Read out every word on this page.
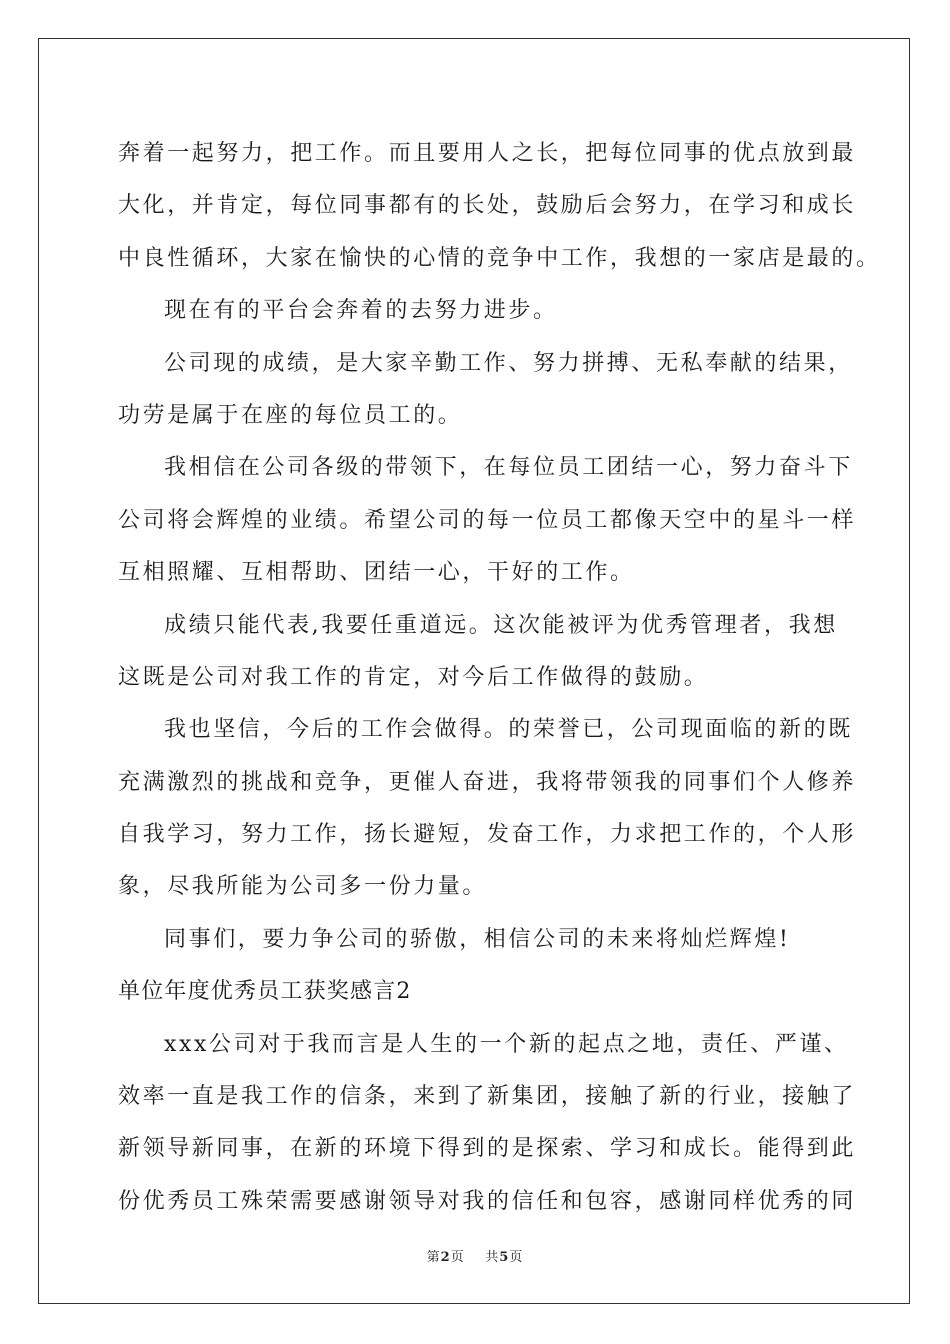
奔着一起努力，把工作。而且要用人之长，把每位同事的优点放到最
大化，并肯定，每位同事都有的长处，鼓励后会努力，在学习和成长
中良性循环，大家在愉快的心情的竞争中工作，我想的一家店是最的。
现在有的平台会奔着的去努力进步。
公司现的成绩，是大家辛勤工作、努力拼搏、无私奉献的结果，
功劳是属于在座的每位员工的。
我相信在公司各级的带领下，在每位员工团结一心，努力奋斗下
公司将会辉煌的业绩。希望公司的每一位员工都像天空中的星斗一样
互相照耀、互相帮助、团结一心，干好的工作。
成绩只能代表,我要任重道远。这次能被评为优秀管理者，我想
这既是公司对我工作的肯定，对今后工作做得的鼓励。
我也坚信，今后的工作会做得。的荣誉已，公司现面临的新的既
充满激烈的挑战和竞争，更催人奋进，我将带领我的同事们个人修养
自我学习，努力工作，扬长避短，发奋工作，力求把工作的，个人形
象，尽我所能为公司多一份力量。
同事们，要力争公司的骄傲，相信公司的未来将灿烂辉煌!
单位年度优秀员工获奖感言2
xxx公司对于我而言是人生的一个新的起点之地，责任、严谨、
效率一直是我工作的信条，来到了新集团，接触了新的行业，接触了
新领导新同事，在新的环境下得到的是探索、学习和成长。能得到此
份优秀员工殊荣需要感谢领导对我的信任和包容，感谢同样优秀的同
第2页 共5页
